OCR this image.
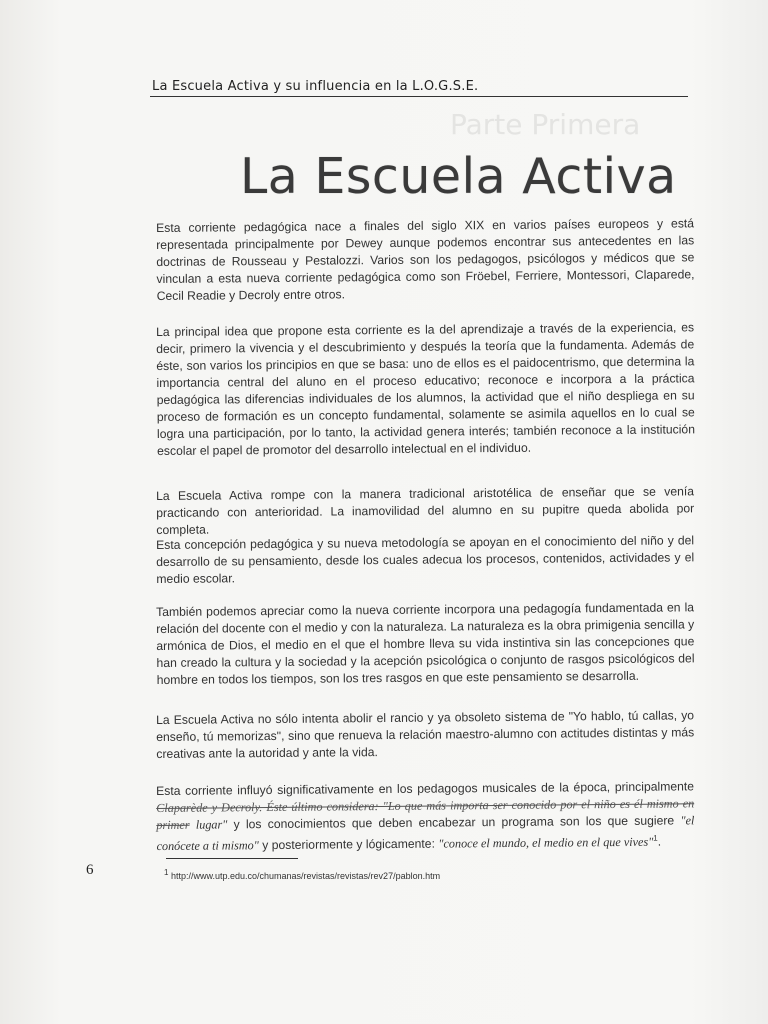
La Escuela Activa y su influencia en la L.O.G.S.E.
Parte Primera
La Escuela Activa

Esta corriente pedagógica nace a finales del siglo XIX en varios países europeos y está representada principalmente por Dewey aunque podemos encontrar sus antecedentes en las doctrinas de Rousseau y Pestalozzi. Varios son los pedagogos, psicólogos y médicos que se vinculan a esta nueva corriente pedagógica como son Fröebel, Ferriere, Montessori, Claparede, Cecil Readie y Decroly entre otros.

La principal idea que propone esta corriente es la del aprendizaje a través de la experiencia, es decir, primero la vivencia y el descubrimiento y después la teoría que la fundamenta. Además de éste, son varios los principios en que se basa: uno de ellos es el paidocentrismo, que determina la importancia central del aluno en el proceso educativo; reconoce e incorpora a la práctica pedagógica las diferencias individuales de los alumnos, la actividad que el niño despliega en su proceso de formación es un concepto fundamental, solamente se asimila aquellos en lo cual se logra una participación, por lo tanto, la actividad genera interés; también reconoce a la institución escolar el papel de promotor del desarrollo intelectual en el individuo.

La Escuela Activa rompe con la manera tradicional aristotélica de enseñar que se venía practicando con anterioridad. La inamovilidad del alumno en su pupitre queda abolida por completa.

Esta concepción pedagógica y su nueva metodología se apoyan en el conocimiento del niño y del desarrollo de su pensamiento, desde los cuales adecua los procesos, contenidos, actividades y el medio escolar.

También podemos apreciar como la nueva corriente incorpora una pedagogía fundamentada en la relación del docente con el medio y con la naturaleza. La naturaleza es la obra primigenia sencilla y armónica de Dios, el medio en el que el hombre lleva su vida instintiva sin las concepciones que han creado la cultura y la sociedad y la acepción psicológica o conjunto de rasgos psicológicos del hombre en todos los tiempos, son los tres rasgos en que este pensamiento se desarrolla.

La Escuela Activa no sólo intenta abolir el rancio y ya obsoleto sistema de "Yo hablo, tú callas, yo enseño, tú memorizas", sino que renueva la relación maestro-alumno con actitudes distintas y más creativas ante la autoridad y ante la vida.

Esta corriente influyó significativamente en los pedagogos musicales de la época, principalmente Claparède y Decroly. Éste último considera: "Lo que más importa ser conocido por el niño es él mismo en primer lugar" y los conocimientos que deben encabezar un programa son los que sugiere "el conócete a ti mismo" y posteriormente y lógicamente: "conoce el mundo, el medio en el que vives"$^1$.

6	$^1$ http://www.utp.edu.co/chumanas/revistas/revistas/rev27/pablon.htm
